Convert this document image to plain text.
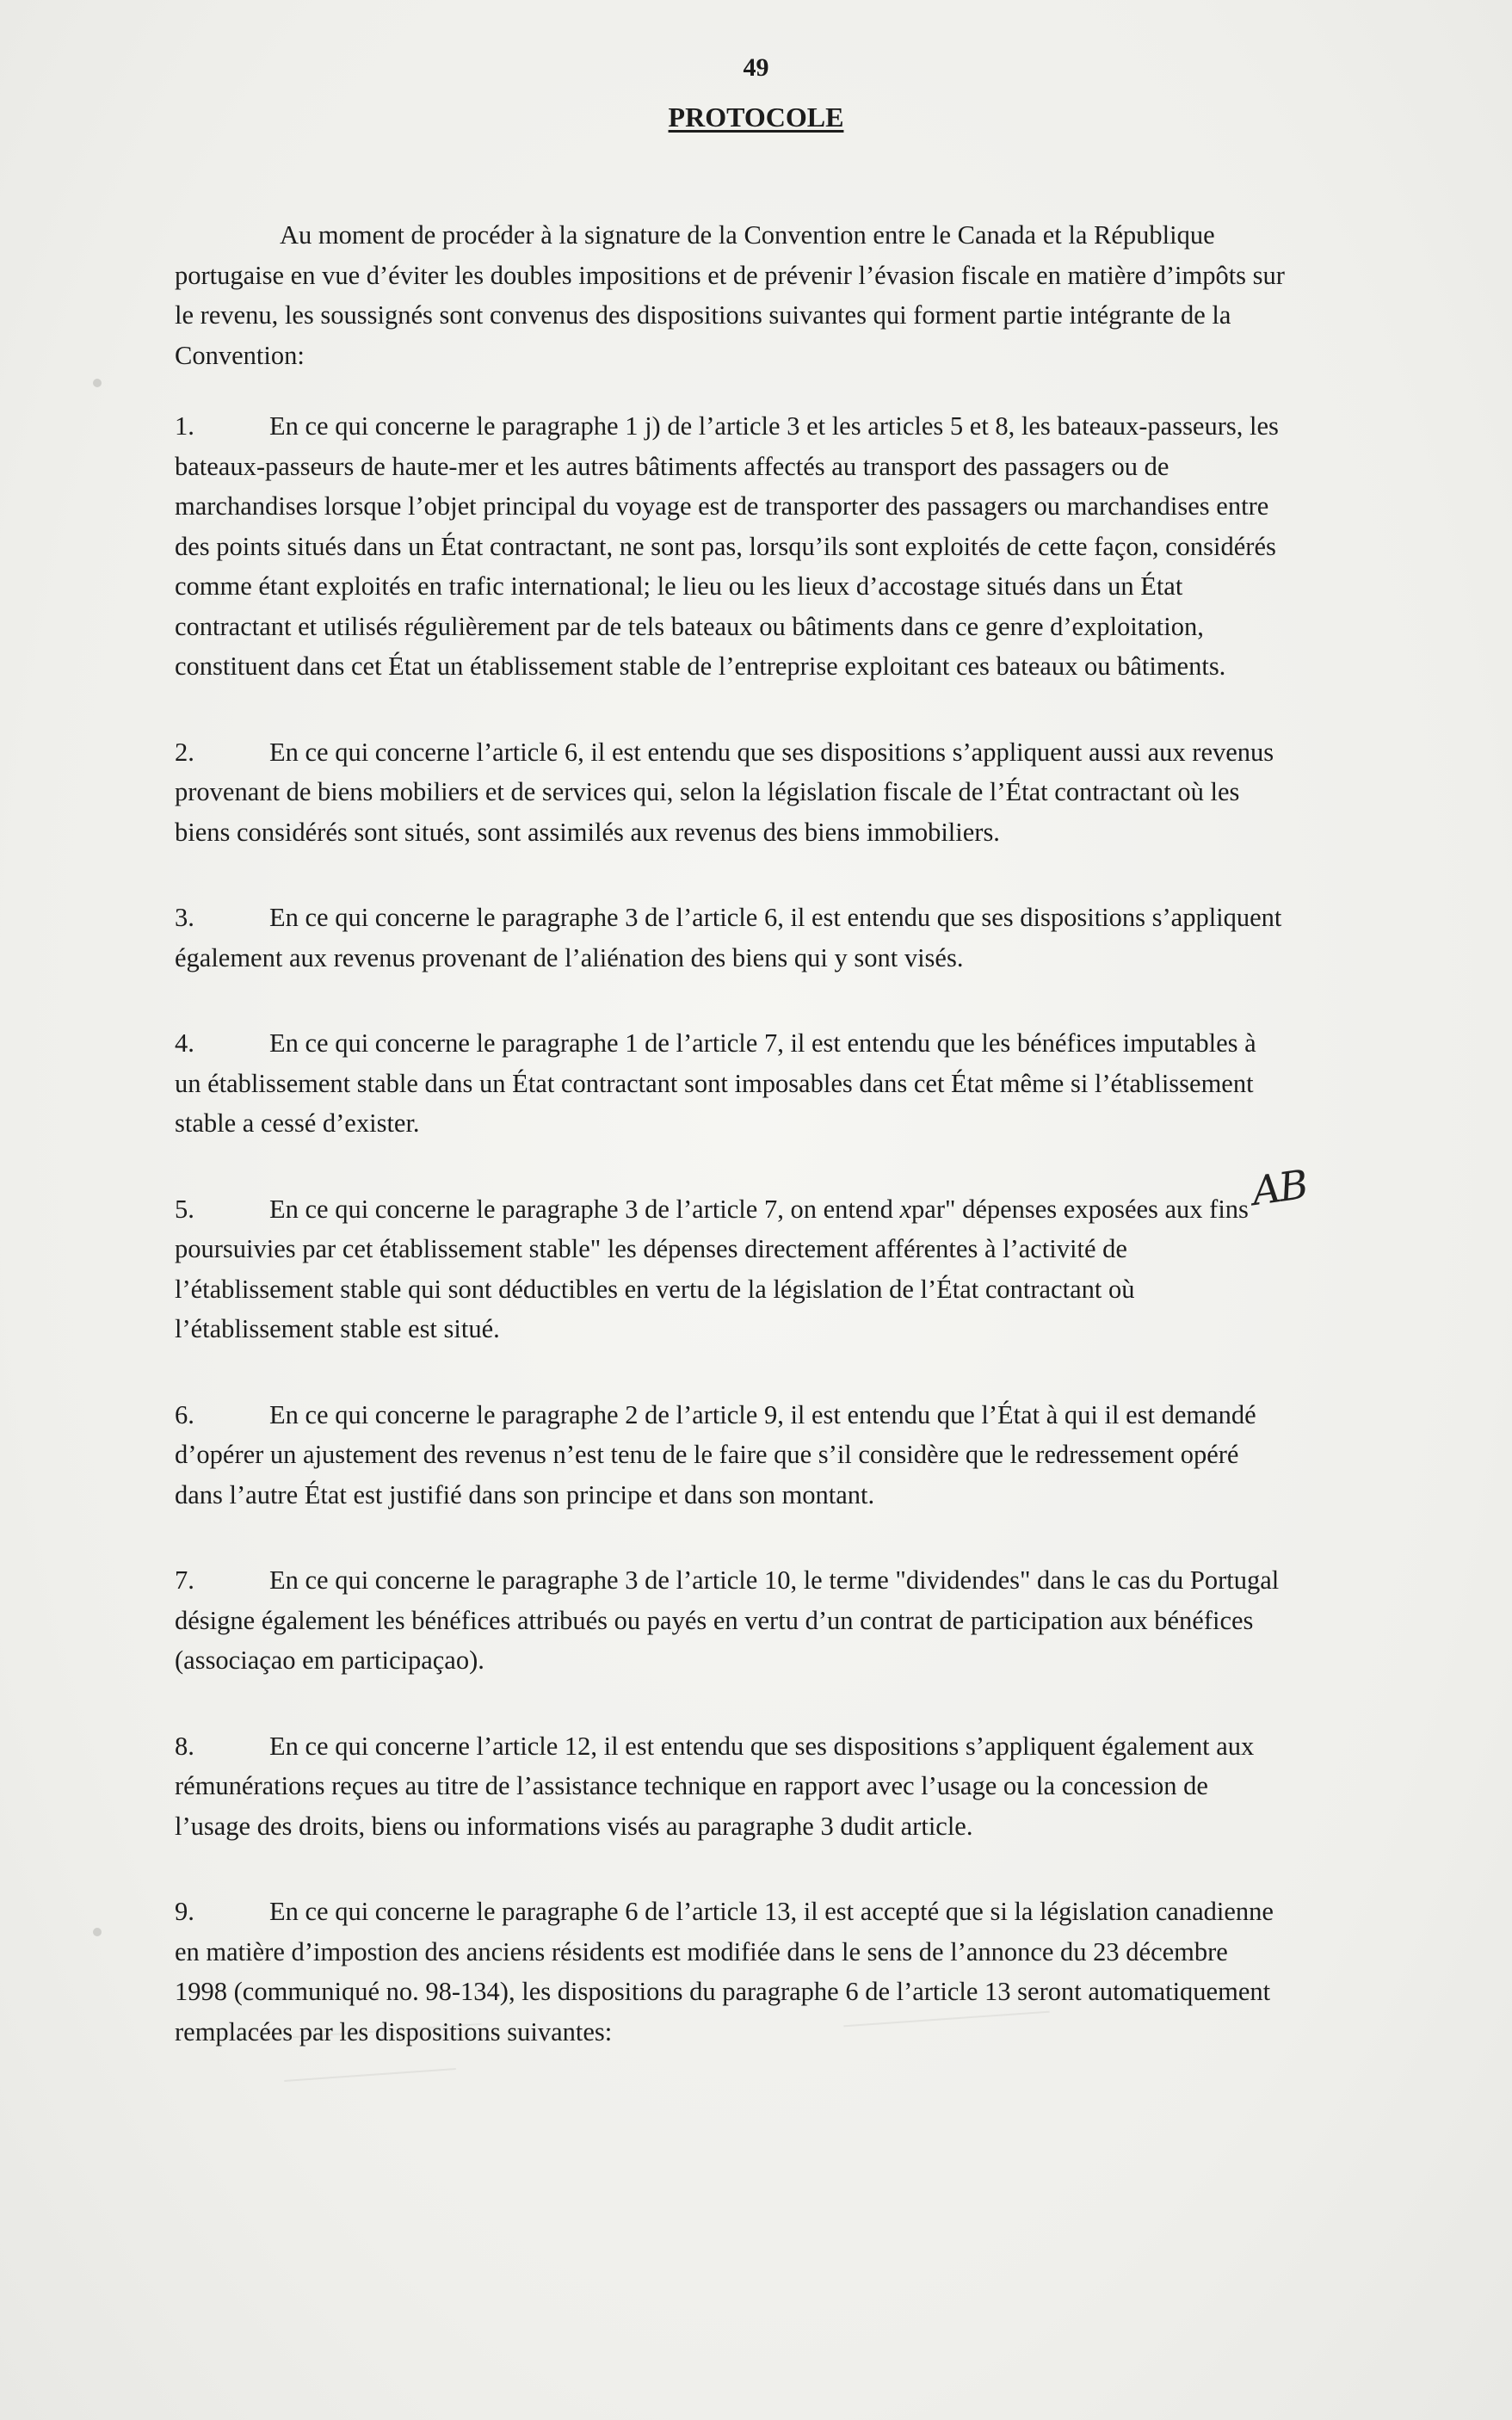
49
PROTOCOLE

Au moment de procéder à la signature de la Convention entre le Canada et la République portugaise en vue d’éviter les doubles impositions et de prévenir l’évasion fiscale en matière d’impôts sur le revenu, les soussignés sont convenus des dispositions suivantes qui forment partie intégrante de la Convention:

1.	En ce qui concerne le paragraphe 1 j) de l’article 3 et les articles 5 et 8, les bateaux-passeurs, les bateaux-passeurs de haute-mer et les autres bâtiments affectés au transport des passagers ou de marchandises lorsque l’objet principal du voyage est de transporter des passagers ou marchandises entre des points situés dans un État contractant, ne sont pas, lorsqu’ils sont exploités de cette façon, considérés comme étant exploités en trafic international; le lieu ou les lieux d’accostage situés dans un État contractant et utilisés régulièrement par de tels bateaux ou bâtiments dans ce genre d’exploitation, constituent dans cet État un établissement stable de l’entreprise exploitant ces bateaux ou bâtiments.

2.	En ce qui concerne l’article 6, il est entendu que ses dispositions s’appliquent aussi aux revenus provenant de biens mobiliers et de services qui, selon la législation fiscale de l’État contractant où les biens considérés sont situés, sont assimilés aux revenus des biens immobiliers.

3.	En ce qui concerne le paragraphe 3 de l’article 6, il est entendu que ses dispositions s’appliquent également aux revenus provenant de l’aliénation des biens qui y sont visés.

4.	En ce qui concerne le paragraphe 1 de l’article 7, il est entendu que les bénéfices imputables à un établissement stable dans un État contractant sont imposables dans cet État même si l’établissement stable a cessé d’exister.

5.	En ce qui concerne le paragraphe 3 de l’article 7, on entend xpar" dépenses exposées aux fins poursuivies par cet établissement stable" les dépenses directement afférentes à l’activité de l’établissement stable qui sont déductibles en vertu de la législation de l’État contractant où l’établissement stable est situé.

6.	En ce qui concerne le paragraphe 2 de l’article 9, il est entendu que l’État à qui il est demandé d’opérer un ajustement des revenus n’est tenu de le faire que s’il considère que le redressement opéré dans l’autre État est justifié dans son principe et dans son montant.

7.	En ce qui concerne le paragraphe 3 de l’article 10, le terme "dividendes" dans le cas du Portugal désigne également les bénéfices attribués ou payés en vertu d’un contrat de participation aux bénéfices (associaçao em participaçao).

8.	En ce qui concerne l’article 12, il est entendu que ses dispositions s’appliquent également aux rémunérations reçues au titre de l’assistance technique en rapport avec l’usage ou la concession de l’usage des droits, biens ou informations visés au paragraphe 3 dudit article.

9.	En ce qui concerne le paragraphe 6 de l’article 13, il est accepté que si la législation canadienne en matière d’impostion des anciens résidents est modifiée dans le sens de l’annonce du 23 décembre 1998 (communiqué no. 98-134), les dispositions du paragraphe 6 de l’article 13 seront automatiquement remplacées par les dispositions suivantes:

AB
